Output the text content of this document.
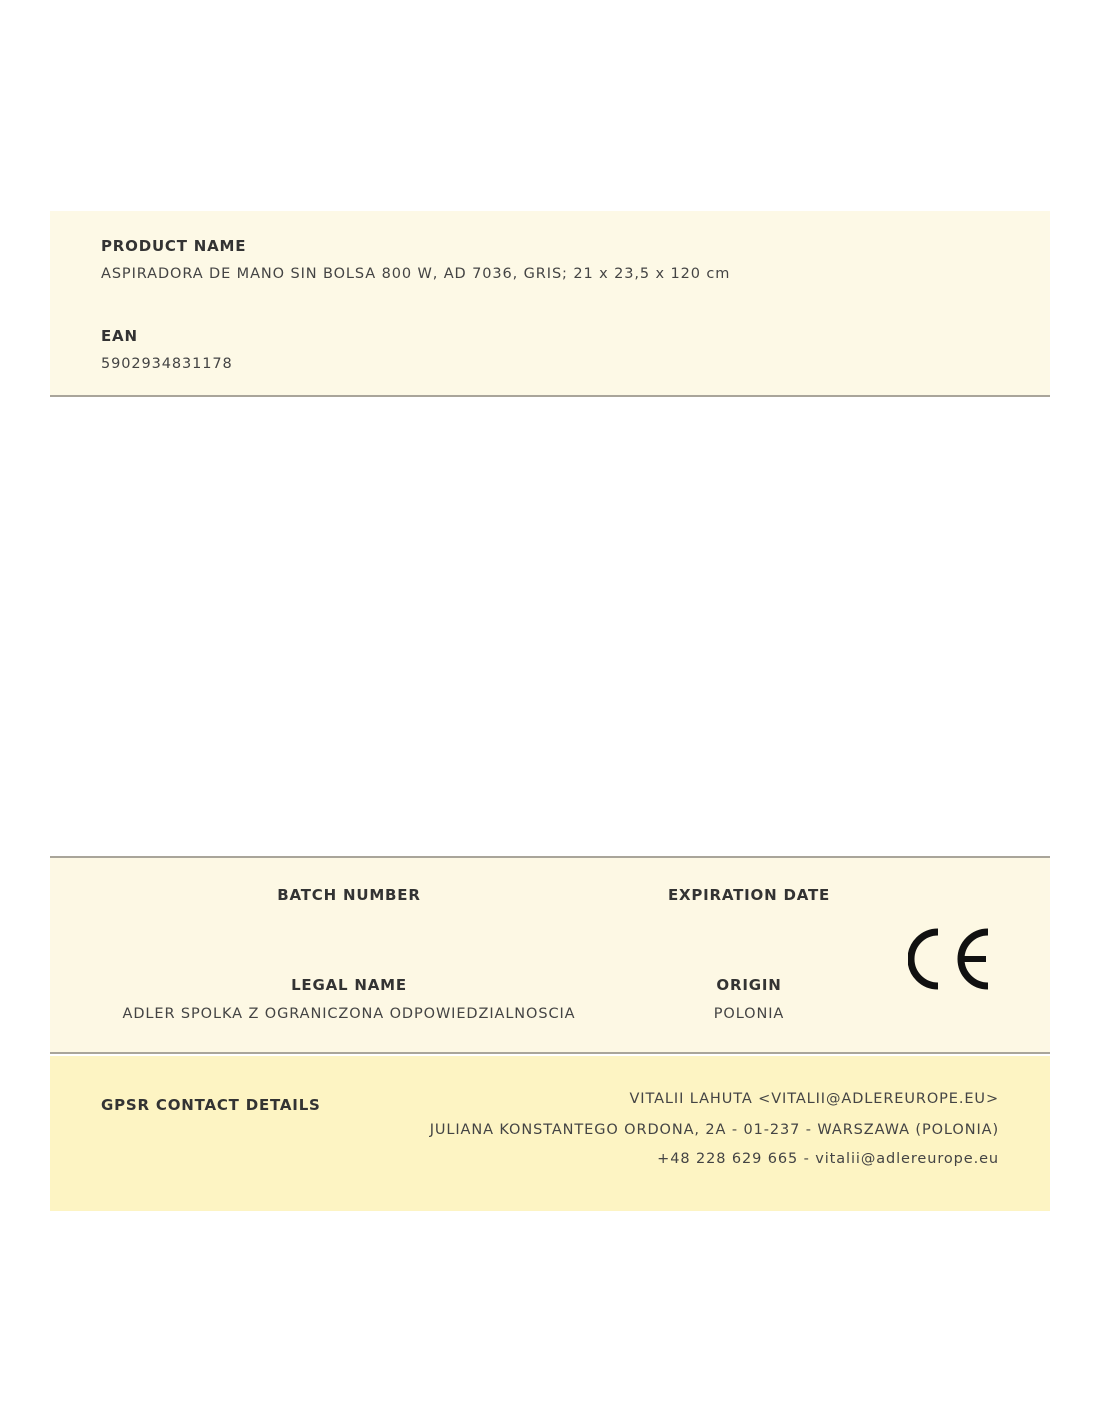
PRODUCT NAME
ASPIRADORA DE MANO SIN BOLSA 800 W, AD 7036, GRIS; 21 x 23,5 x 120 cm
EAN
5902934831178
BATCH NUMBER	EXPIRATION DATE
LEGAL NAME
ADLER SPOLKA Z OGRANICZONA ODPOWIEDZIALNOSCIA
ORIGIN
POLONIA
GPSR CONTACT DETAILS	VITALII LAHUTA <VITALII@ADLEREUROPE.EU>
JULIANA KONSTANTEGO ORDONA, 2A - 01-237 - WARSZAWA (POLONIA)
+48 228 629 665 - vitalii@adlereurope.eu
